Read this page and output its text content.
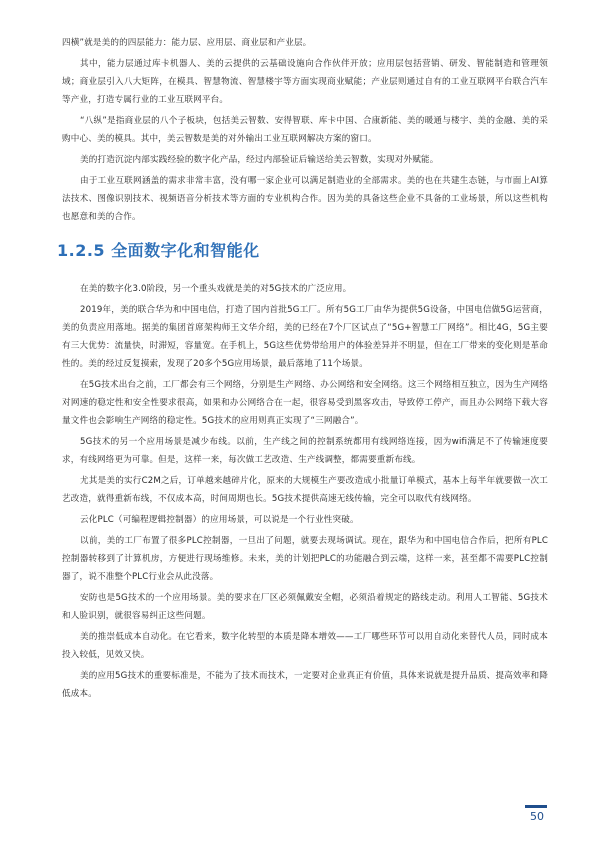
四横”就是美的的四层能力：能力层、应用层、商业层和产业层。

其中，能力层通过库卡机器人、美的云提供的云基础设施向合作伙伴开放；应用层包括营销、研发、智能制造和管理领域；商业层引入八大矩阵，在模具、智慧物流、智慧楼宇等方面实现商业赋能；产业层则通过自有的工业互联网平台联合汽车等产业，打造专属行业的工业互联网平台。

“八纵”是指商业层的八个子板块，包括美云智数、安得智联、库卡中国、合康新能、美的暖通与楼宇、美的金融、美的采购中心、美的模具。其中，美云智数是美的对外输出工业互联网解决方案的窗口。

美的打造沉淀内部实践经验的数字化产品，经过内部验证后输送给美云智数，实现对外赋能。

由于工业互联网涵盖的需求非常丰富，没有哪一家企业可以满足制造业的全部需求。美的也在共建生态链，与市面上AI算法技术、图像识别技术、视频语音分析技术等方面的专业机构合作。因为美的具备这些企业不具备的工业场景，所以这些机构也愿意和美的合作。

1.2.5 全面数字化和智能化

在美的数字化3.0阶段，另一个重头戏就是美的对5G技术的广泛应用。

2019年，美的联合华为和中国电信，打造了国内首批5G工厂。所有5G工厂由华为提供5G设备，中国电信做5G运营商，美的负责应用落地。据美的集团首席架构师王文华介绍，美的已经在7个厂区试点了“5G+智慧工厂网络”。相比4G，5G主要有三大优势：流量快，时滞短，容量宽。在手机上，5G这些优势带给用户的体验差异并不明显，但在工厂带来的变化则是革命性的。美的经过反复摸索，发现了20多个5G应用场景，最后落地了11个场景。

在5G技术出台之前，工厂都会有三个网络，分别是生产网络、办公网络和安全网络。这三个网络相互独立，因为生产网络对网速的稳定性和安全性要求很高，如果和办公网络合在一起，很容易受到黑客攻击，导致停工停产，而且办公网络下载大容量文件也会影响生产网络的稳定性。5G技术的应用则真正实现了“三网融合”。

5G技术的另一个应用场景是减少布线。以前，生产线之间的控制系统都用有线网络连接，因为wifi满足不了传输速度要求，有线网络更为可靠。但是，这样一来，每次做工艺改造、生产线调整，都需要重新布线。

尤其是美的实行C2M之后，订单越来越碎片化，原来的大规模生产要改造成小批量订单模式，基本上每半年就要做一次工艺改造，就得重新布线，不仅成本高，时间周期也长。5G技术提供高速无线传输，完全可以取代有线网络。

云化PLC（可编程逻辑控制器）的应用场景，可以说是一个行业性突破。

以前，美的工厂布置了很多PLC控制器，一旦出了问题，就要去现场调试。现在，跟华为和中国电信合作后，把所有PLC控制器转移到了计算机房，方便进行现场维修。未来，美的计划把PLC的功能融合到云端，这样一来，甚至都不需要PLC控制器了，说不准整个PLC行业会从此没落。

安防也是5G技术的一个应用场景。美的要求在厂区必须佩戴安全帽，必须沿着规定的路线走动。利用人工智能、5G技术和人脸识别，就很容易纠正这些问题。

美的推崇低成本自动化。在它看来，数字化转型的本质是降本增效——工厂哪些环节可以用自动化来替代人员，同时成本投入较低，见效又快。

美的应用5G技术的重要标准是，不能为了技术而技术，一定要对企业真正有价值，具体来说就是提升品质、提高效率和降低成本。

50
